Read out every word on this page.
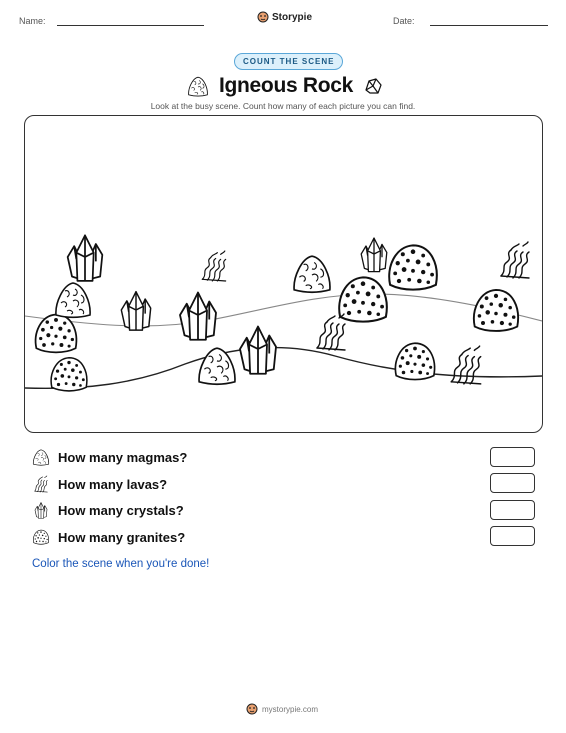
Name:	Storypie	Date:
COUNT THE SCENE
Igneous Rock
Look at the busy scene. Count how many of each picture you can find.
How many magmas?
How many lavas?
How many crystals?
How many granites?
Color the scene when you're done!
mystorypie.com
